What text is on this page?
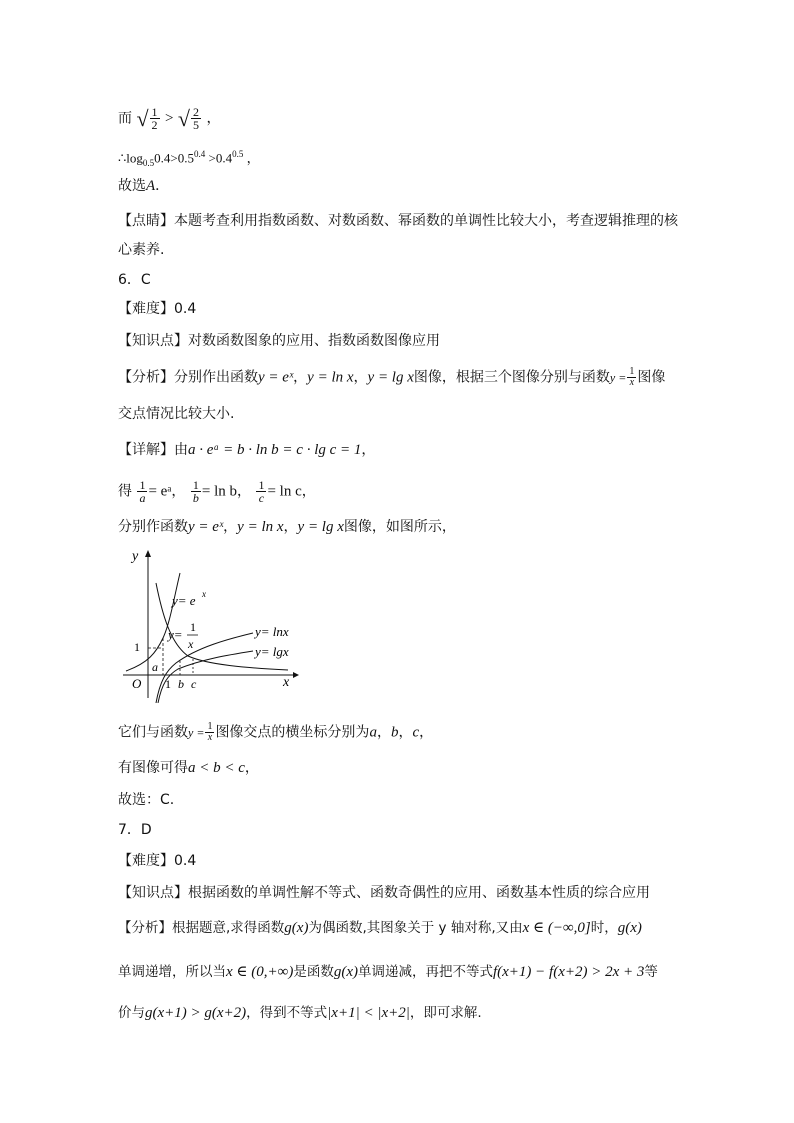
而 √ $\frac{1}{2}$ > √ $\frac{2}{5}$ ，
$\therefore\log_{0.5}0.4>0.5^{0.4} >0.4^{0.5}$ ，
故选A．
【点睛】本题考查利用指数函数、对数函数、幂函数的单调性比较大小，考查逻辑推理的核
心素养.
6．C
【难度】0.4
【知识点】对数函数图象的应用、指数函数图像应用
【分析】分别作出函数y = eˣ，y = ln x，y = lg x图像，根据三个图像分别与函数$y = \frac{1}{x}$ 图像
交点情况比较大小.
【详解】由a · eᵃ = b · ln b = c · lg c = 1，
得 $\frac{1}{a}$ = eᵃ， $\frac{1}{b} = \ln b$， $\frac{1}{c} = \ln c$，
分别作函数y = eˣ，y = ln x，y = lg x图像，如图所示，
y
x
O
y= e x
y= 1
x
y= lnx
y= lgx
1
1
a
b c
它们与函数$y = \frac{1}{x}$ 图像交点的横坐标分别为a，b，c，
有图像可得a < b < c，
故选：C.
7．D
【难度】0.4
【知识点】根据函数的单调性解不等式、函数奇偶性的应用、函数基本性质的综合应用
【分析】根据题意,求得函数g(x)为偶函数,其图象关于 y 轴对称,又由x ∈ (−∞,0]时，g(x)
单调递增，所以当x ∈ (0,+∞)是函数g(x)单调递减，再把不等式f(x+1) − f(x+2) > 2x + 3等
价与g(x+1) > g(x+2)，得到不等式|x+1| < |x+2|，即可求解.
